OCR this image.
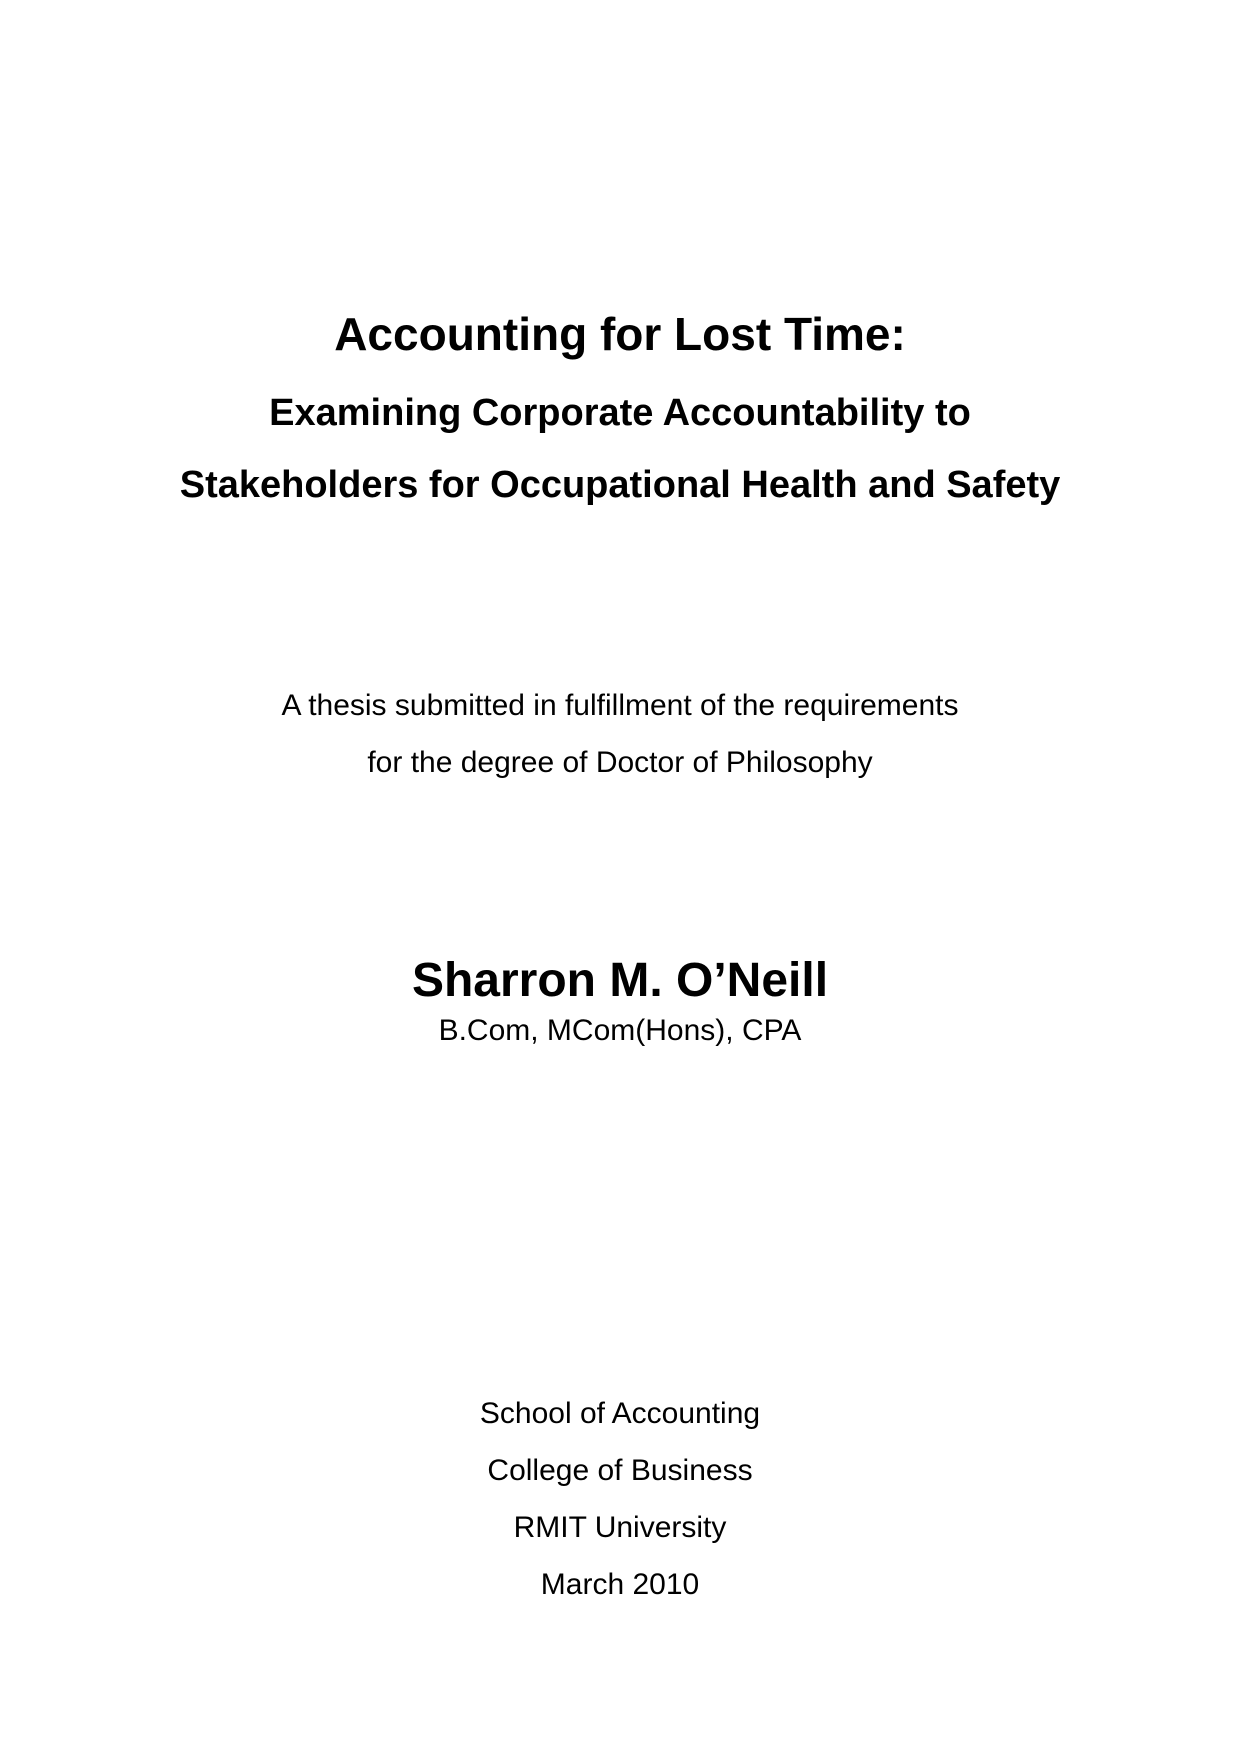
Accounting for Lost Time:
Examining Corporate Accountability to
Stakeholders for Occupational Health and Safety
A thesis submitted in fulfillment of the requirements
for the degree of Doctor of Philosophy
Sharron M. O’Neill
B.Com, MCom(Hons), CPA
School of Accounting
College of Business
RMIT University
March 2010
